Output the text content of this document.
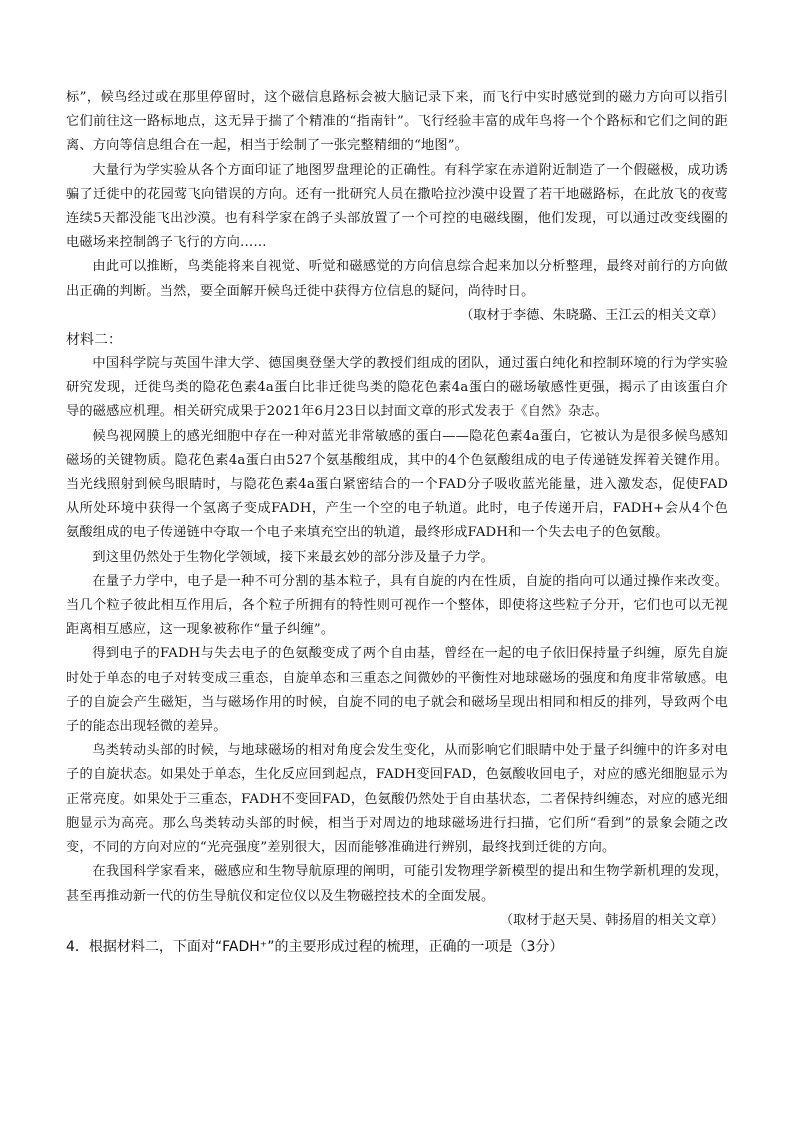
标”，候鸟经过或在那里停留时，这个磁信息路标会被大脑记录下来，而飞行中实时感觉到的磁力方向可以指引它们前往这一路标地点，这无异于揣了个精准的“指南针”。飞行经验丰富的成年鸟将一个个路标和它们之间的距离、方向等信息组合在一起，相当于绘制了一张完整精细的“地图”。

大量行为学实验从各个方面印证了地图罗盘理论的正确性。有科学家在赤道附近制造了一个假磁极，成功诱骗了迁徙中的花园莺飞向错误的方向。还有一批研究人员在撒哈拉沙漠中设置了若干地磁路标，在此放飞的夜莺连续5天都没能飞出沙漠。也有科学家在鸽子头部放置了一个可控的电磁线圈，他们发现，可以通过改变线圈的电磁场来控制鸽子飞行的方向……

由此可以推断，鸟类能将来自视觉、听觉和磁感觉的方向信息综合起来加以分析整理，最终对前行的方向做出正确的判断。当然，要全面解开候鸟迁徙中获得方位信息的疑问，尚待时日。

（取材于李德、朱晓璐、王江云的相关文章）

材料二：

中国科学院与英国牛津大学、德国奥登堡大学的教授们组成的团队，通过蛋白纯化和控制环境的行为学实验研究发现，迁徙鸟类的隐花色素4a蛋白比非迁徙鸟类的隐花色素4a蛋白的磁场敏感性更强，揭示了由该蛋白介导的磁感应机理。相关研究成果于2021年6月23日以封面文章的形式发表于《自然》杂志。

候鸟视网膜上的感光细胞中存在一种对蓝光非常敏感的蛋白——隐花色素4a蛋白，它被认为是很多候鸟感知磁场的关键物质。隐花色素4a蛋白由527个氨基酸组成，其中的4个色氨酸组成的电子传递链发挥着关键作用。当光线照射到候鸟眼睛时，与隐花色素4a蛋白紧密结合的一个FAD分子吸收蓝光能量，进入激发态，促使FAD从所处环境中获得一个氢离子变成FADH，产生一个空的电子轨道。此时，电子传递开启，FADH+会从4个色氨酸组成的电子传递链中夺取一个电子来填充空出的轨道，最终形成FADH和一个失去电子的色氨酸。

到这里仍然处于生物化学领域，接下来最玄妙的部分涉及量子力学。

在量子力学中，电子是一种不可分割的基本粒子，具有自旋的内在性质，自旋的指向可以通过操作来改变。当几个粒子彼此相互作用后，各个粒子所拥有的特性则可视作一个整体，即使将这些粒子分开，它们也可以无视距离相互感应，这一现象被称作“量子纠缠”。

得到电子的FADH与失去电子的色氨酸变成了两个自由基，曾经在一起的电子依旧保持量子纠缠，原先自旋时处于单态的电子对转变成三重态，自旋单态和三重态之间微妙的平衡性对地球磁场的强度和角度非常敏感。电子的自旋会产生磁矩，当与磁场作用的时候，自旋不同的电子就会和磁场呈现出相同和相反的排列，导致两个电子的能态出现轻微的差异。

鸟类转动头部的时候，与地球磁场的相对角度会发生变化，从而影响它们眼睛中处于量子纠缠中的许多对电子的自旋状态。如果处于单态，生化反应回到起点，FADH变回FAD，色氨酸收回电子，对应的感光细胞显示为正常亮度。如果处于三重态，FADH不变回FAD，色氨酸仍然处于自由基状态，二者保持纠缠态，对应的感光细胞显示为高亮。那么鸟类转动头部的时候，相当于对周边的地球磁场进行扫描，它们所“看到”的景象会随之改变，不同的方向对应的“光亮强度”差别很大，因而能够准确进行辨别，最终找到迁徙的方向。

在我国科学家看来，磁感应和生物导航原理的阐明，可能引发物理学新模型的提出和生物学新机理的发现，甚至再推动新一代的仿生导航仪和定位仪以及生物磁控技术的全面发展。

（取材于赵天昊、韩扬眉的相关文章）

4．根据材料二，下面对“FADH⁺”的主要形成过程的梳理，正确的一项是（3分）
